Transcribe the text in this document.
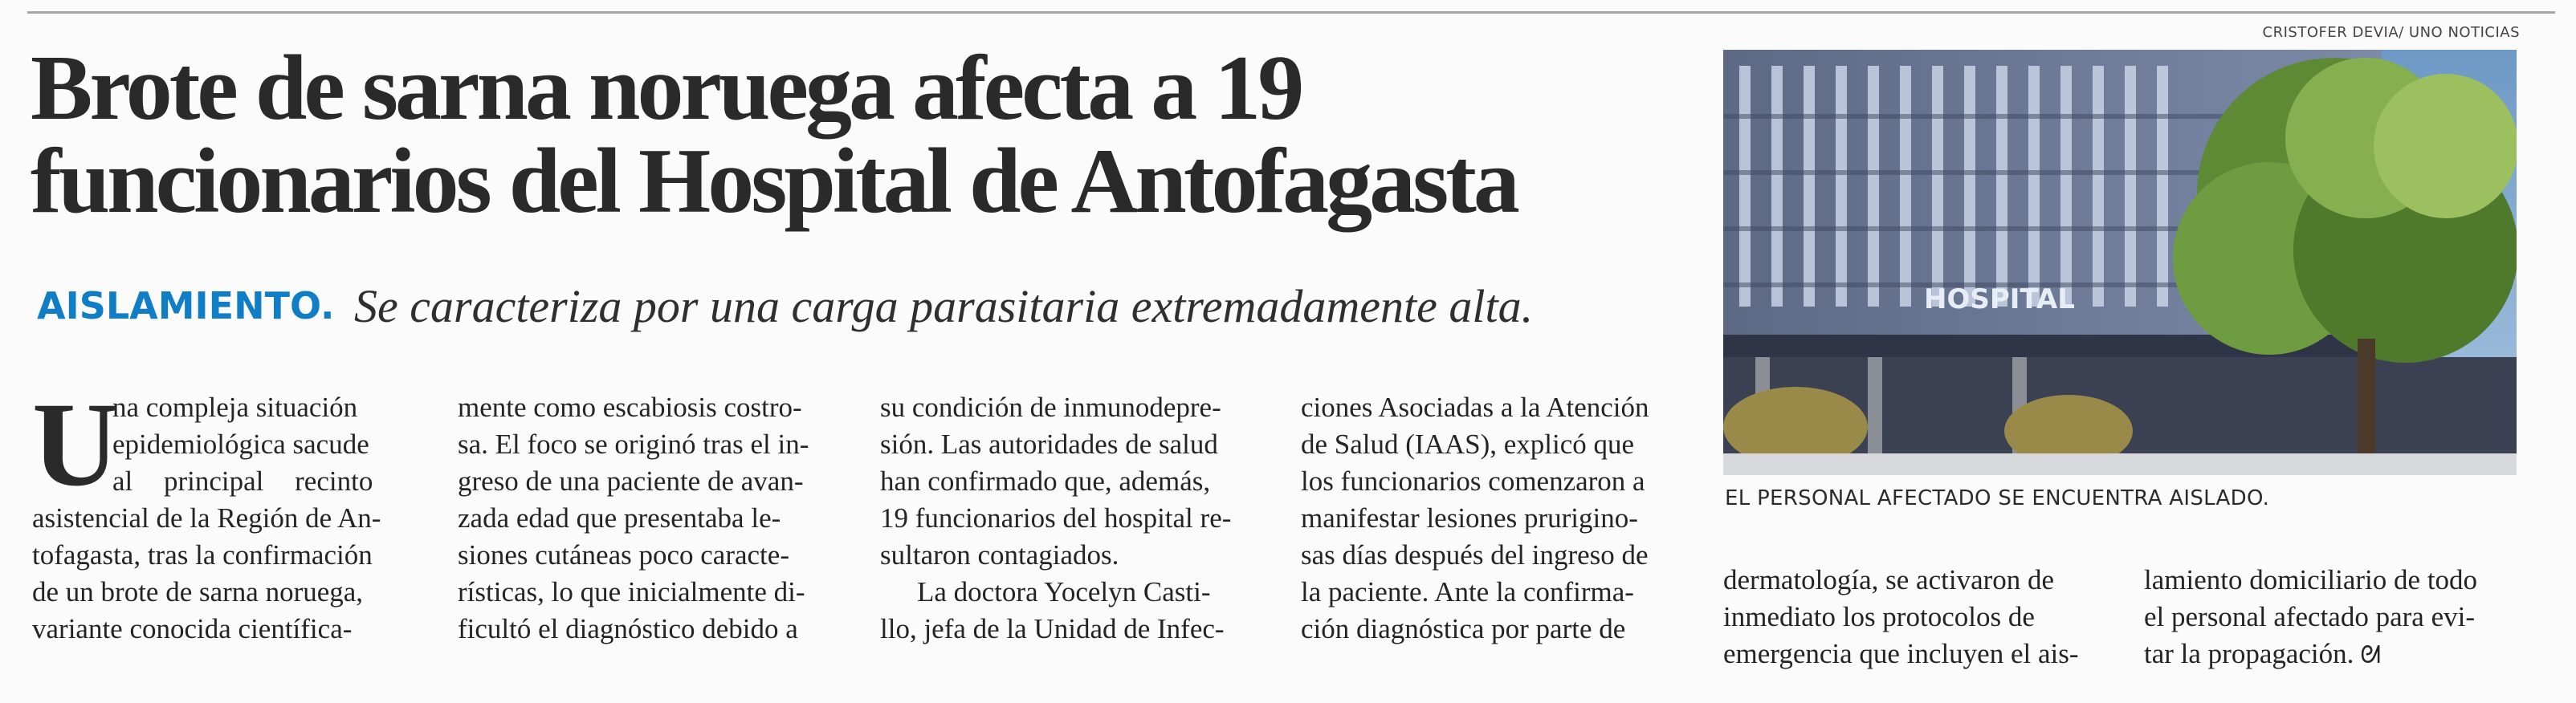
CRISTOFER DEVIA/ UNO NOTICIAS
Brote de sarna noruega afecta a 19
funcionarios del Hospital de Antofagasta
AISLAMIENTO. Se caracteriza por una carga parasitaria extremadamente alta.
U
na compleja situación
epidemiológica sacude
al principal recinto
asistencial de la Región de An-
tofagasta, tras la confirmación
de un brote de sarna noruega,
variante conocida científica-
mente como escabiosis costro-
sa. El foco se originó tras el in-
greso de una paciente de avan-
zada edad que presentaba le-
siones cutáneas poco caracte-
rísticas, lo que inicialmente di-
ficultó el diagnóstico debido a
su condición de inmunodepre-
sión. Las autoridades de salud
han confirmado que, además,
19 funcionarios del hospital re-
sultaron contagiados.
La doctora Yocelyn Casti-
llo, jefa de la Unidad de Infec-
ciones Asociadas a la Atención
de Salud (IAAS), explicó que
los funcionarios comenzaron a
manifestar lesiones prurigino-
sas días después del ingreso de
la paciente. Ante la confirma-
ción diagnóstica por parte de
HOSPITAL
EL PERSONAL AFECTADO SE ENCUENTRA AISLADO.
dermatología, se activaron de
inmediato los protocolos de
emergencia que incluyen el ais-
lamiento domiciliario de todo
el personal afectado para evi-
tar la propagación. ᘛ
